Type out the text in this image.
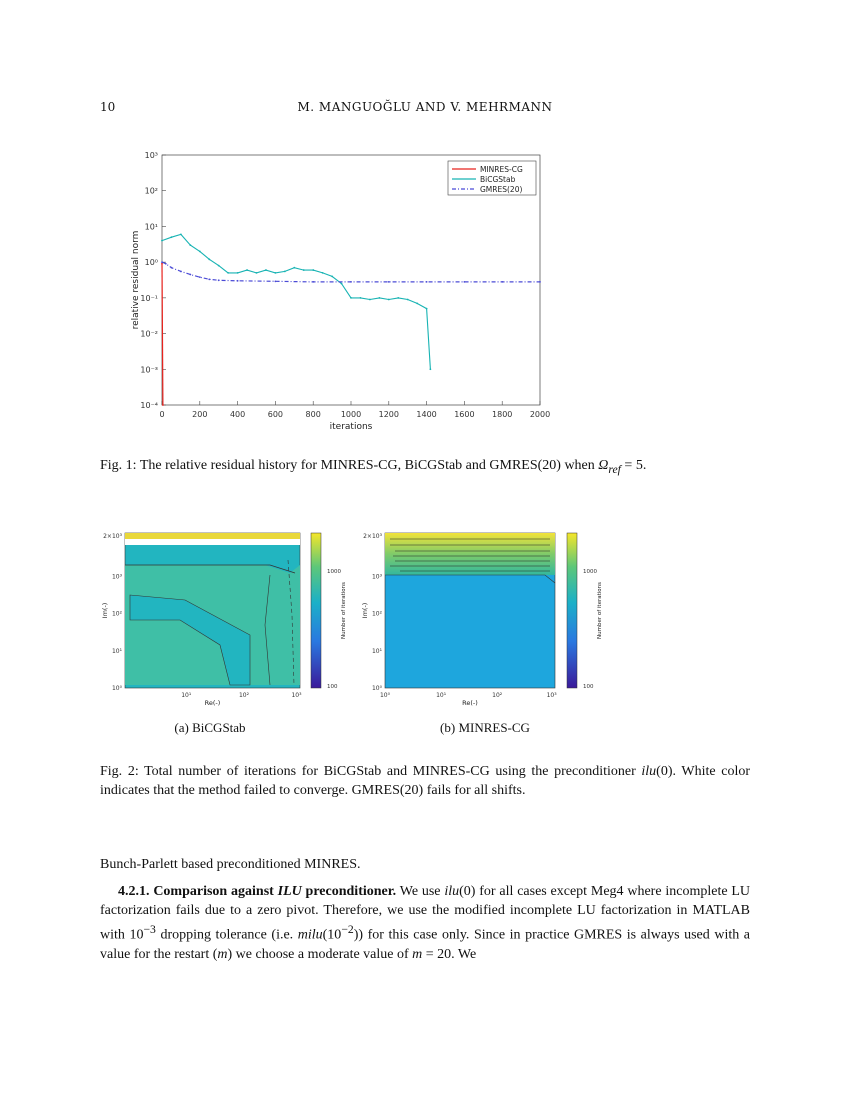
10	M. MANGUOĞLU AND V. MEHRMANN
0	200	400	600	800 1000 1200 1400 1600 1800 2000
10⁻⁴
10⁻³
10⁻²
10⁻¹
10⁰
10¹
10²
10³
iterations
relative residual norm
MINRES-CG
BiCGStab
GMRES(20)
Fig. 1: The relative residual history for MINRES-CG, BiCGStab and GMRES(20) when $\Omega_{ref} = 5$.
10¹	10²	10³
10⁰
10¹
10²
10³
2×10³
Re(-)
Im(-)
1000
100
Number of iterations
10⁰	10¹	10²	10³
10⁰
10¹
10²
10³
2×10³
Re(-)
Im(-)
1000
100
Number of iterations
(a) BiCGStab	(b) MINRES-CG
Fig. 2: Total number of iterations for BiCGStab and MINRES-CG using the preconditioner ilu(0). White color indicates that the method failed to converge. GMRES(20) fails for all shifts.
Bunch-Parlett based preconditioned MINRES.
4.2.1. Comparison against ILU preconditioner. We use ilu(0) for all cases except Meg4 where incomplete LU factorization fails due to a zero pivot. Therefore, we use the modified incomplete LU factorization in MATLAB with $10^{-3}$ dropping tolerance (i.e. $milu(10^{-2})$) for this case only. Since in practice GMRES is always used with a value for the restart (m) we choose a moderate value of m = 20. We
